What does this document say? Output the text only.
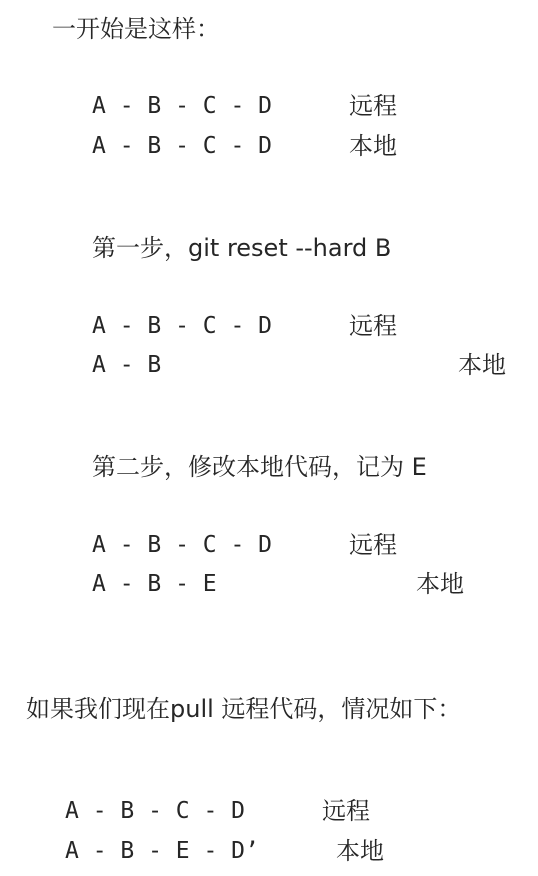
一开始是这样：

A - B - C - D	远程

A - B - C - D	本地

第一步，git reset --hard B

A - B - C - D	远程

A - B	本地

第二步，修改本地代码，记为 E

A - B - C - D	远程

A - B - E	本地

如果我们现在pull 远程代码，情况如下：

A - B - C - D	远程

A - B - E - D’	本地
